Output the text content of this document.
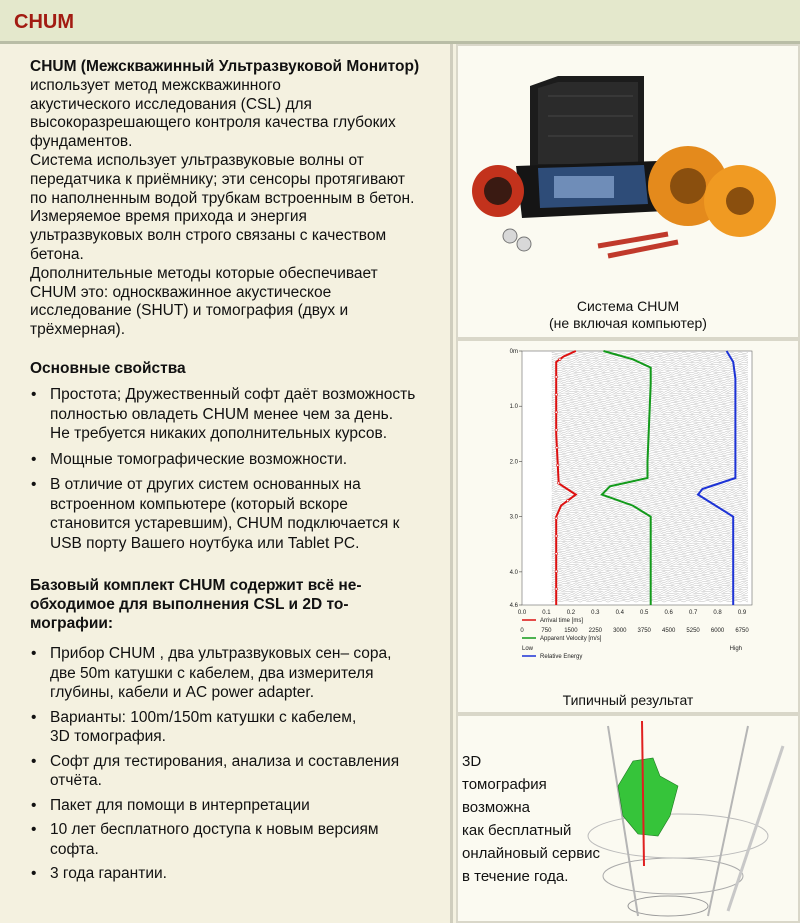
CHUM
CHUM (Межскважинный Ультразвуковой Монитор) использует метод межскважинного
акустического исследования (CSL) для
высокоразрешающего контроля качества глубоких
фундаментов.
Система использует ультразвуковые волны от
передатчика к приёмнику; эти сенсоры протягивают
по наполненным водой трубкам встроенным в бетон.
Измеряемое время прихода и энергия
ультразвуковых волн строго связаны с качеством
бетона.
Дополнительные методы которые обеспечивает
CHUM это: односкважинное акустическое
исследование (SHUT) и томография (двух и
трёхмерная).
Основные свойства
• Простота; Дружественный софт даёт возможность
полностью овладеть CHUM менее чем за день.
Не требуется никаких дополнительных курсов.
• Мощные томографические возможности.
• В отличие от других систем основанных на
встроенном компьютере (который вскоре
становится устаревшим), CHUM подключается к
USB порту Вашего ноутбука или Tablet PC.
Базовый комплект CHUM содержит всё не-
обходимое для выполнения CSL и 2D то-
мографии:
• Прибор CHUM , два ультразвуковых сен– сора,
две 50m катушки с кабелем, два измерителя
глубины, кабели и AC power adapter.
• Варианты: 100m/150m катушки с кабелем,
3D томография.
• Софт для тестирования, анализа и составления
отчёта.
• Пакет для помощи в интерпретации
• 10 лет бесплатного доступа к новым версиям
софта.
• 3 года гарантии.
Система CHUM
(не включая компьютер)
0m
1.0
2.0
3.0
4.0
4.6
0.0	0.1	0.2	0.3	0.4	0.5	0.6	0.7	0.8	0.9
Arrival time [ms]
0	750 1500 2250 3000 3750 4500 5250 6000 6750
Apparent Velocity [m/s]
Low	High
Relative Energy
Типичный результат
3D
томография
возможна
как бесплатный
онлайновый сервис
в течение года.
